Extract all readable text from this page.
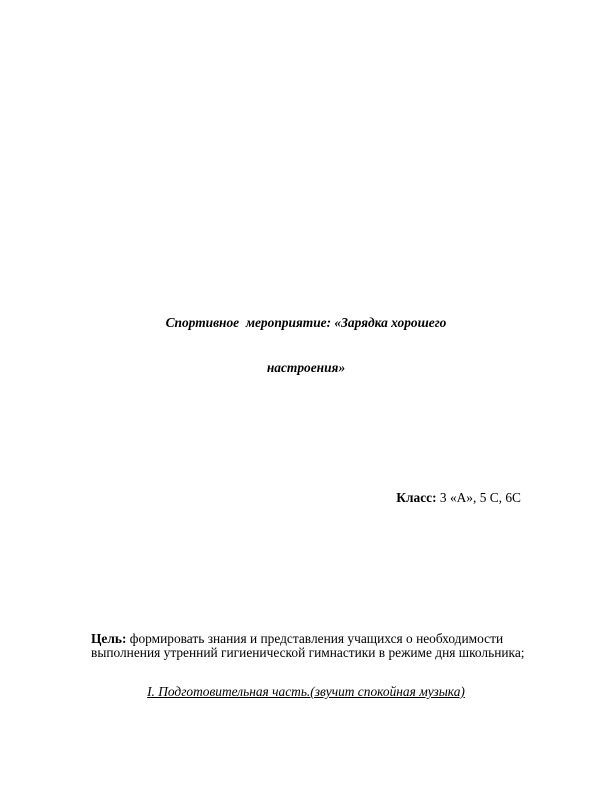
Спортивное  мероприятие: «Зарядка хорошего

настроения»

Класс: 3 «А», 5 С, 6С
Цель: формировать знания и представления учащихся о необходимости выполнения утренний гигиенической гимнастики в режиме дня школьника;
I. Подготовительная часть.(звучит спокойная музыка)
